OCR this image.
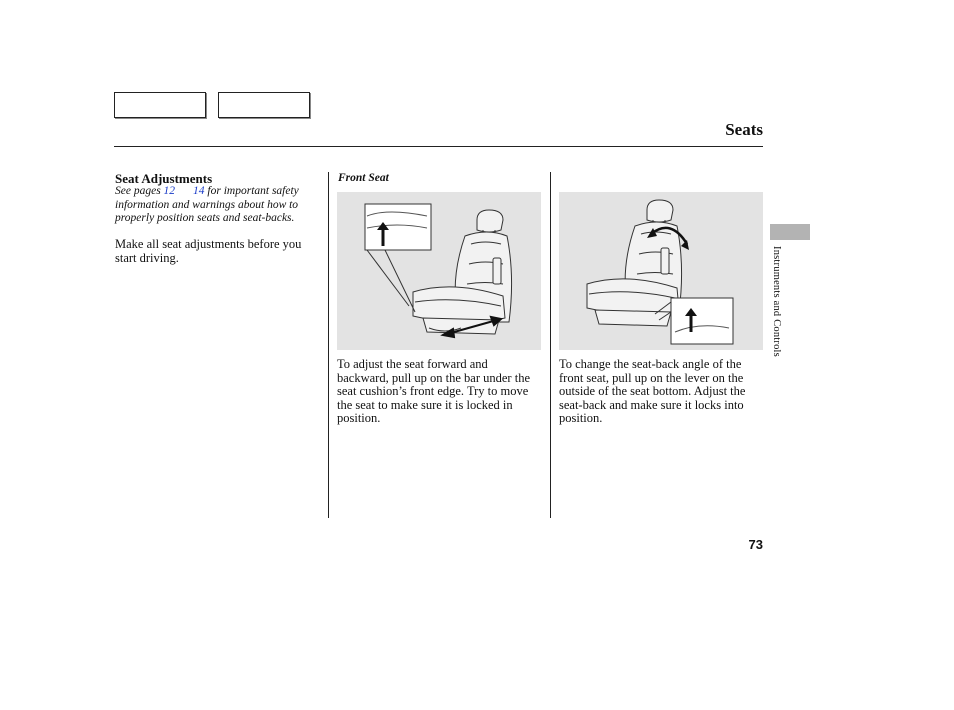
Seats
Instruments and Controls
Seat Adjustments
See pages 12 14 for important safety information and warnings about how to properly position seats and seat-backs.
Make all seat adjustments before you start driving.
Front Seat
To adjust the seat forward and backward, pull up on the bar under the seat cushion’s front edge. Try to move the seat to make sure it is locked in position.
To change the seat-back angle of the front seat, pull up on the lever on the outside of the seat bottom. Adjust the seat-back and make sure it locks into position.
73
